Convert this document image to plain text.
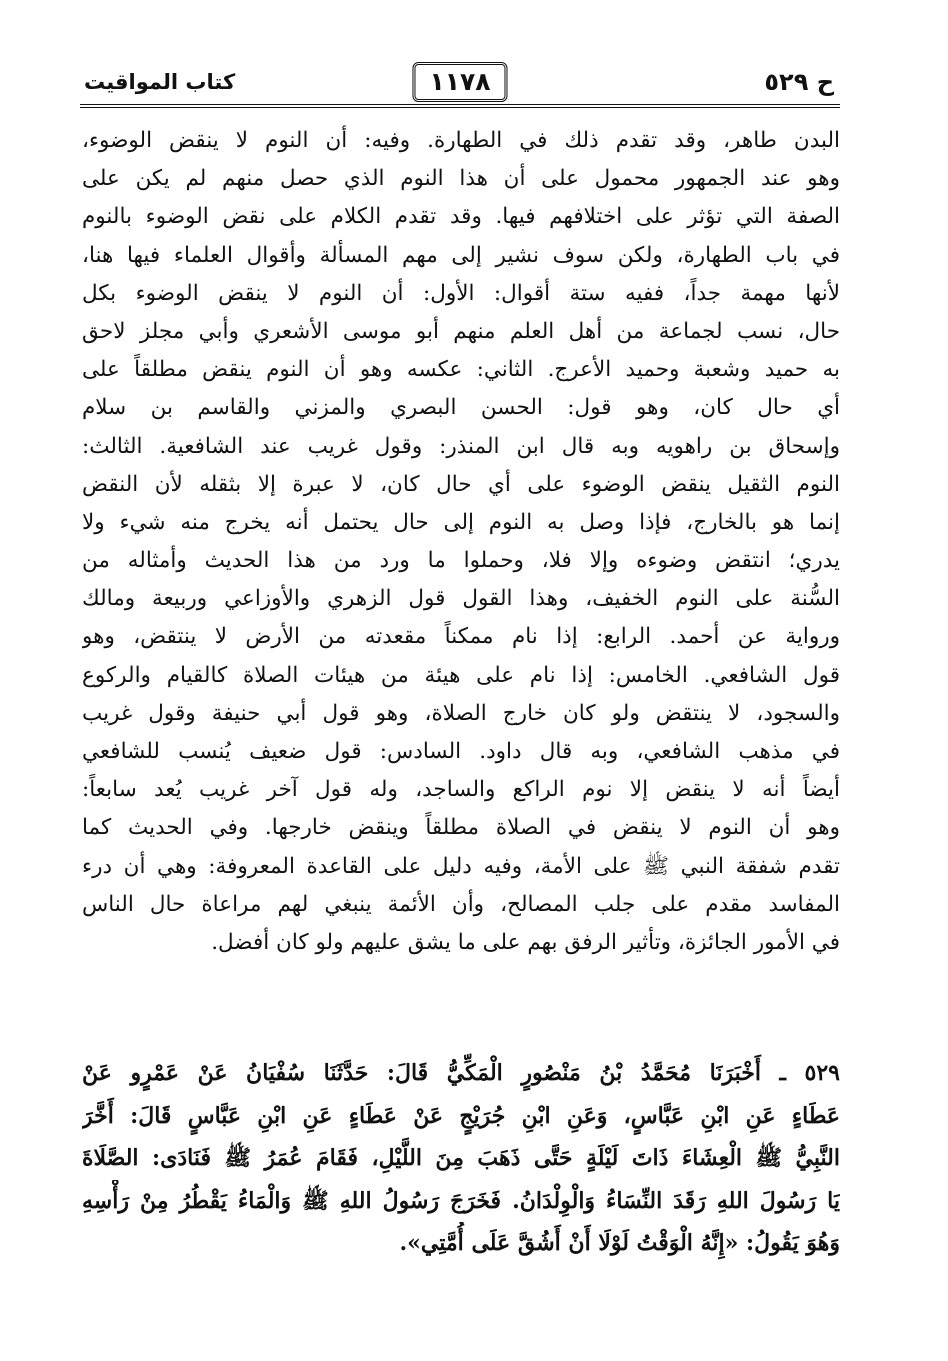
ح ٥٢٩
١١٧٨
كتاب المواقيت
البدن طاهر، وقد تقدم ذلك في الطهارة. وفيه: أن النوم لا ينقض الوضوء،
وهو عند الجمهور محمول على أن هذا النوم الذي حصل منهم لم يكن على
الصفة التي تؤثر على اختلافهم فيها. وقد تقدم الكلام على نقض الوضوء بالنوم
في باب الطهارة، ولكن سوف نشير إلى مهم المسألة وأقوال العلماء فيها هنا،
لأنها مهمة جداً، ففيه ستة أقوال: الأول: أن النوم لا ينقض الوضوء بكل
حال، نسب لجماعة من أهل العلم منهم أبو موسى الأشعري وأبي مجلز لاحق
به حميد وشعبة وحميد الأعرج. الثاني: عكسه وهو أن النوم ينقض مطلقاً على
أي حال كان، وهو قول: الحسن البصري والمزني والقاسم بن سلام
وإسحاق بن راهويه وبه قال ابن المنذر: وقول غريب عند الشافعية. الثالث:
النوم الثقيل ينقض الوضوء على أي حال كان، لا عبرة إلا بثقله لأن النقض
إنما هو بالخارج، فإذا وصل به النوم إلى حال يحتمل أنه يخرج منه شيء ولا
يدري؛ انتقض وضوءه وإلا فلا، وحملوا ما ورد من هذا الحديث وأمثاله من
السُّنة على النوم الخفيف، وهذا القول قول الزهري والأوزاعي وربيعة ومالك
ورواية عن أحمد. الرابع: إذا نام ممكناً مقعدته من الأرض لا ينتقض، وهو
قول الشافعي. الخامس: إذا نام على هيئة من هيئات الصلاة كالقيام والركوع
والسجود، لا ينتقض ولو كان خارج الصلاة، وهو قول أبي حنيفة وقول غريب
في مذهب الشافعي، وبه قال داود. السادس: قول ضعيف يُنسب للشافعي
أيضاً أنه لا ينقض إلا نوم الراكع والساجد، وله قول آخر غريب يُعد سابعاً:
وهو أن النوم لا ينقض في الصلاة مطلقاً وينقض خارجها. وفي الحديث كما
تقدم شفقة النبي ﷺ على الأمة، وفيه دليل على القاعدة المعروفة: وهي أن درء
المفاسد مقدم على جلب المصالح، وأن الأئمة ينبغي لهم مراعاة حال الناس
في الأمور الجائزة، وتأثير الرفق بهم على ما يشق عليهم ولو كان أفضل.
٥٢٩ ـ أَخْبَرَنَا مُحَمَّدُ بْنُ مَنْصُورٍ الْمَكِّيُّ قَالَ: حَدَّثَنَا سُفْيَانُ عَنْ عَمْرٍو عَنْ
عَطَاءٍ عَنِ ابْنِ عَبَّاسٍ، وَعَنِ ابْنِ جُرَيْجٍ عَنْ عَطَاءٍ عَنِ ابْنِ عَبَّاسٍ قَالَ: أَخَّرَ
النَّبِيُّ ﷺ الْعِشَاءَ ذَاتَ لَيْلَةٍ حَتَّى ذَهَبَ مِنَ اللَّيْلِ، فَقَامَ عُمَرُ ﷺ فَنَادَى: الصَّلَاةَ
يَا رَسُولَ اللهِ رَقَدَ النِّسَاءُ وَالْوِلْدَانُ. فَخَرَجَ رَسُولُ اللهِ ﷺ وَالْمَاءُ يَقْطُرُ مِنْ رَأْسِهِ
وَهُوَ يَقُولُ: «إِنَّهُ الْوَقْتُ لَوْلَا أَنْ أَشُقَّ عَلَى أُمَّتِي».
